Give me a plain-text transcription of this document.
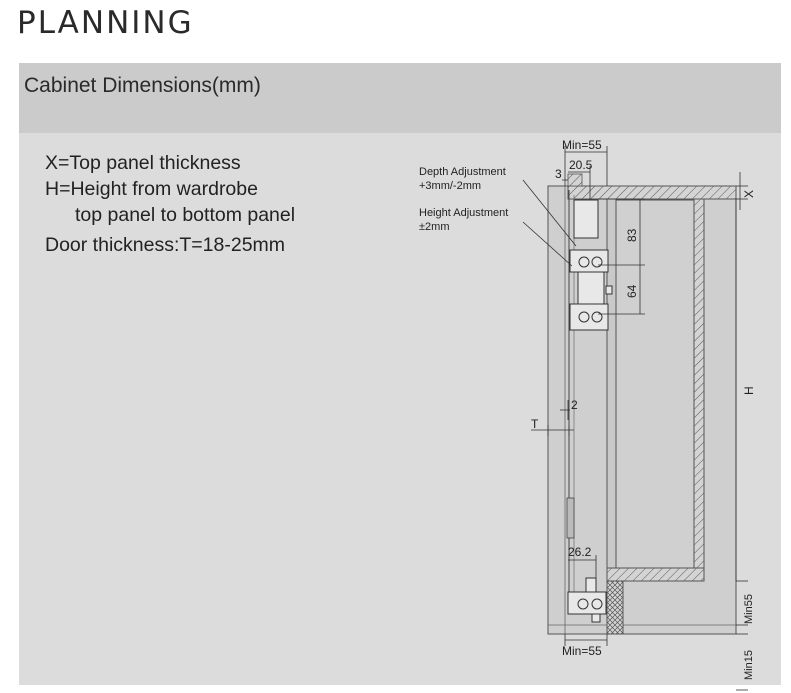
PLANNING
Cabinet Dimensions(mm)
X=Top panel thickness
H=Height from wardrobe
top panel to bottom panel
Door thickness:T=18-25mm
Min=55
20.5
3
Depth Adjustment
+3mm/-2mm
Height Adjustment
±2mm
83
64
X
H
2
T
26.2
Min55
Min=55	Min15
